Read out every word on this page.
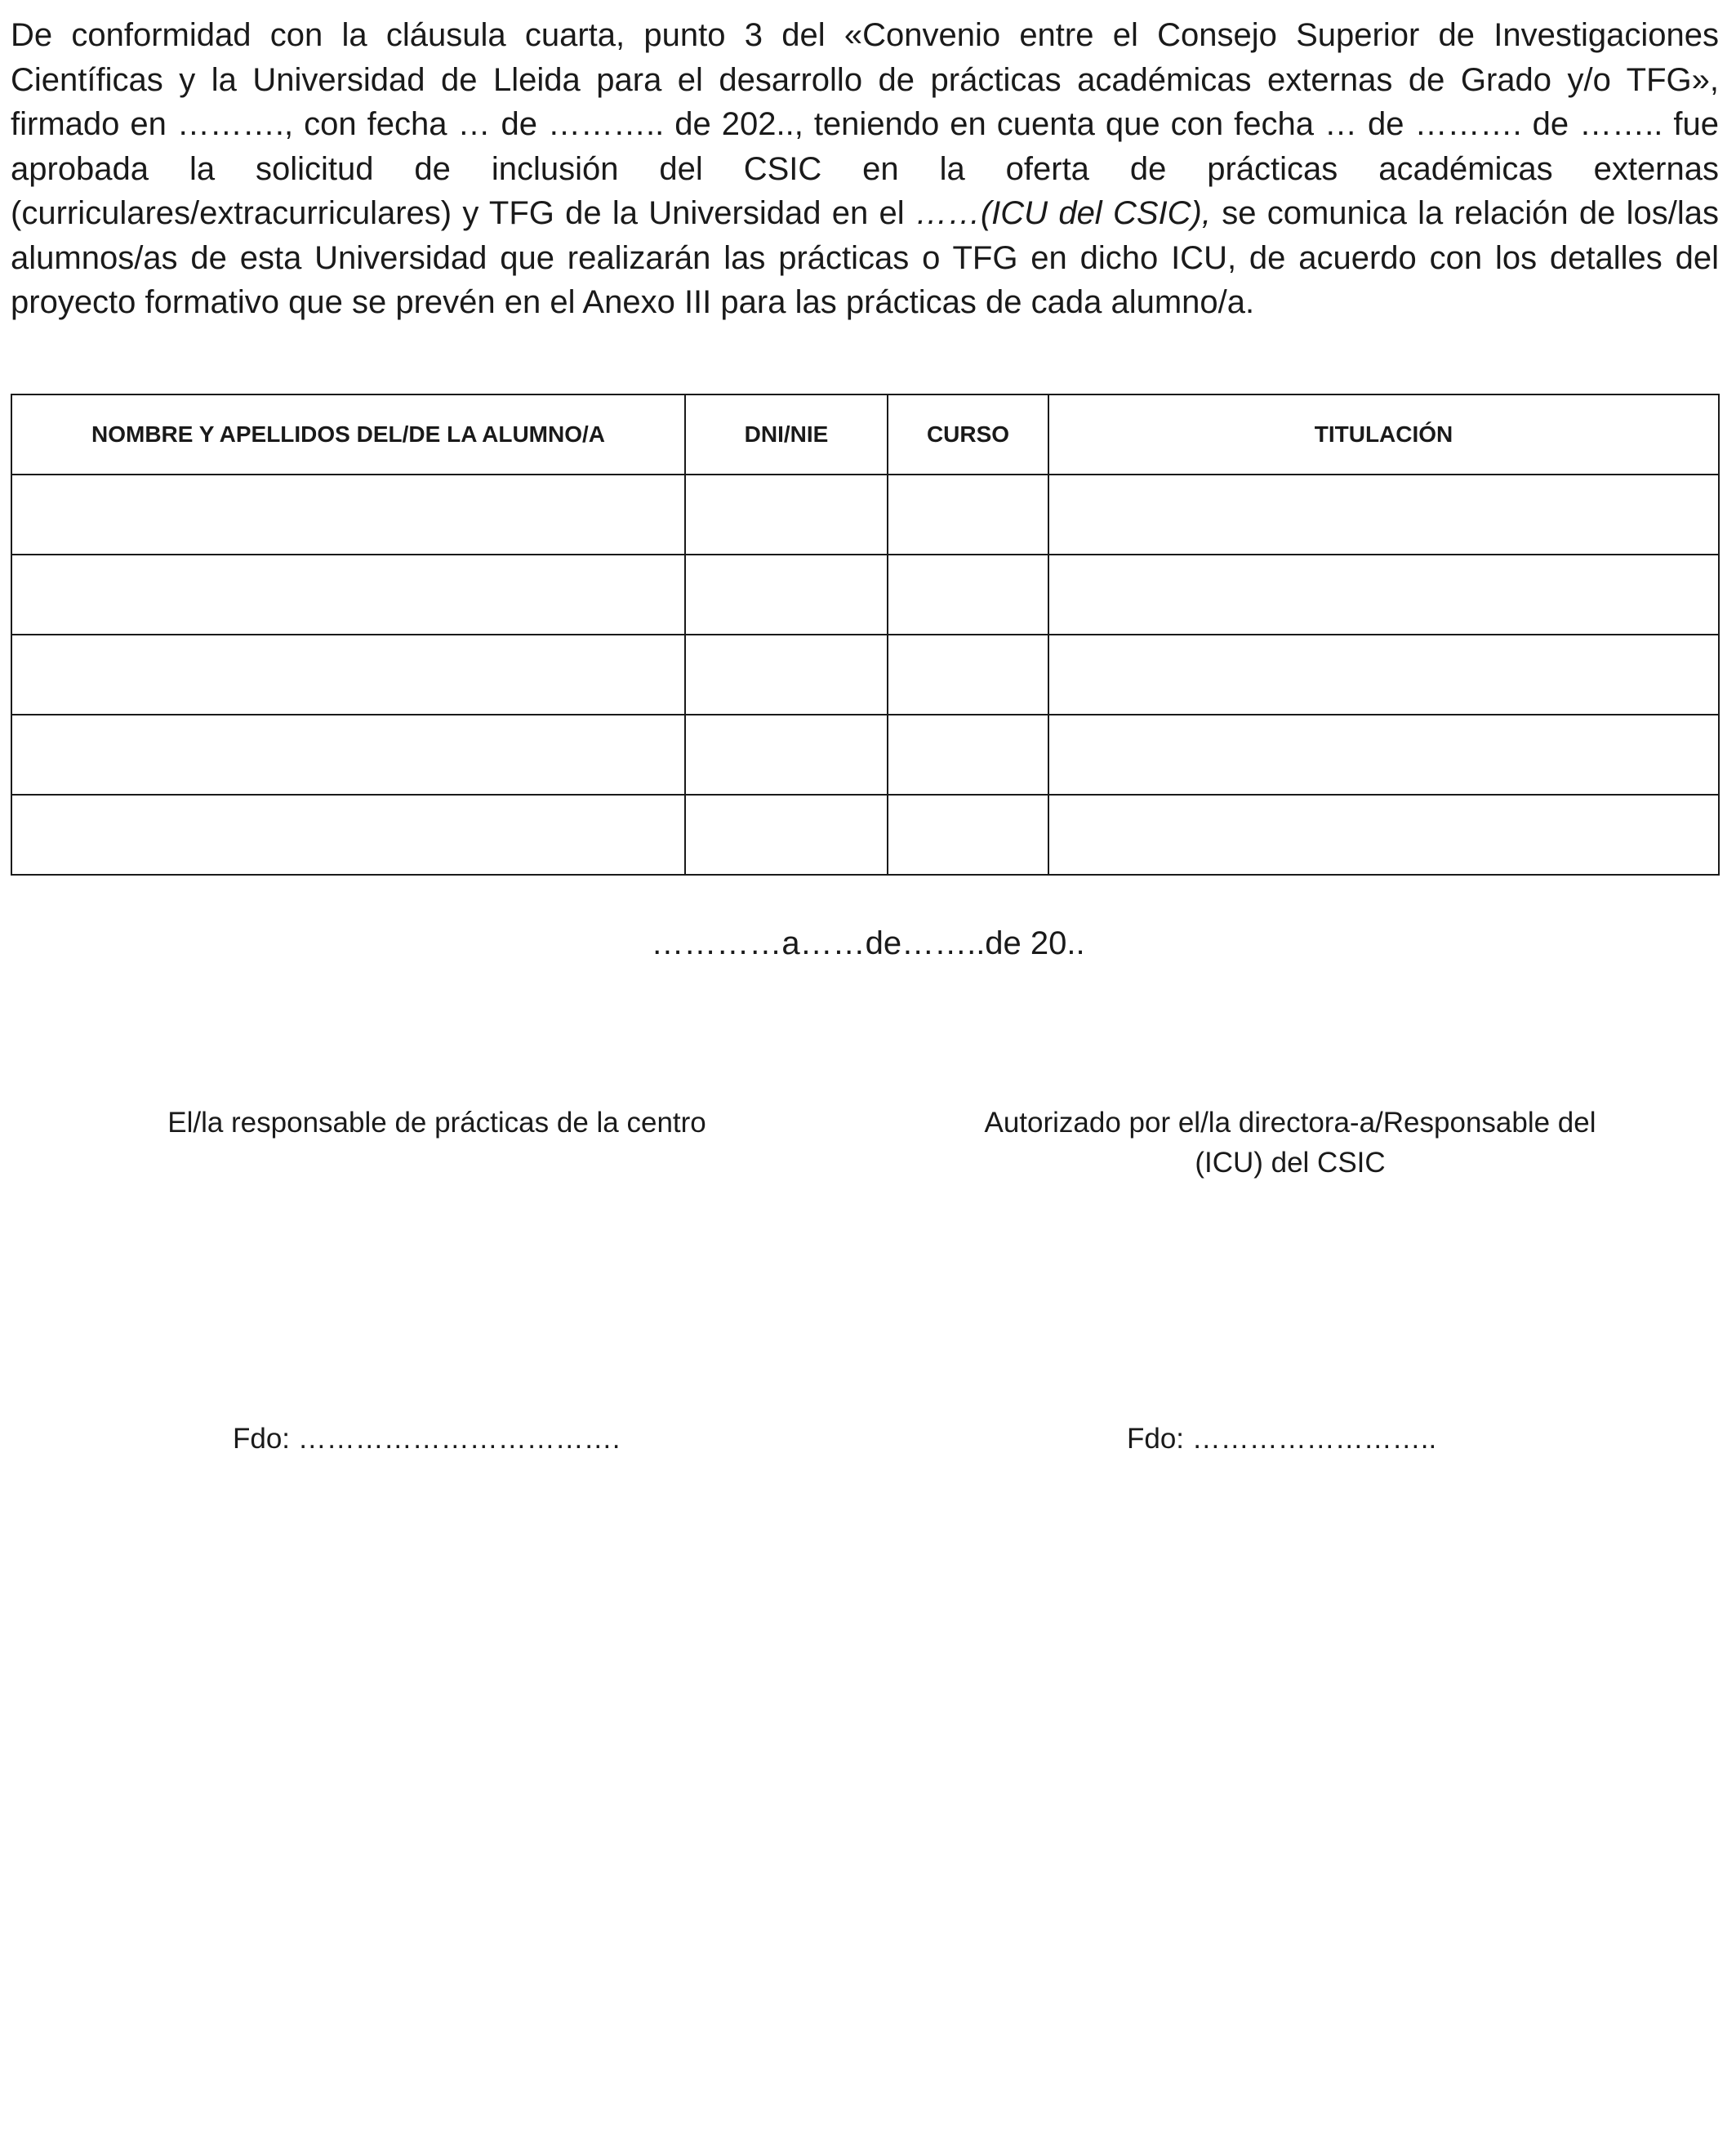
De conformidad con la cláusula cuarta, punto 3 del «Convenio entre el Consejo Superior de Investigaciones Científicas y la Universidad de Lleida para el desarrollo de prácticas académicas externas de Grado y/o TFG», firmado en ………., con fecha … de ……….. de 202.., teniendo en cuenta que con fecha … de ………. de …….. fue aprobada la solicitud de inclusión del CSIC en la oferta de prácticas académicas externas (curriculares/extracurriculares) y TFG de la Universidad en el ……(ICU del CSIC), se comunica la relación de los/las alumnos/as de esta Universidad que realizarán las prácticas o TFG en dicho ICU, de acuerdo con los detalles del proyecto formativo que se prevén en el Anexo III para las prácticas de cada alumno/a.

NOMBRE Y APELLIDOS DEL/DE LA ALUMNO/A	DNI/NIE	CURSO	TITULACIÓN

…………a……de……..de 20..
El/la responsable de prácticas de la centro	Autorizado por el/la directora-a/Responsable del
(ICU) del CSIC
Fdo: …………………………….	Fdo: ……………………..
